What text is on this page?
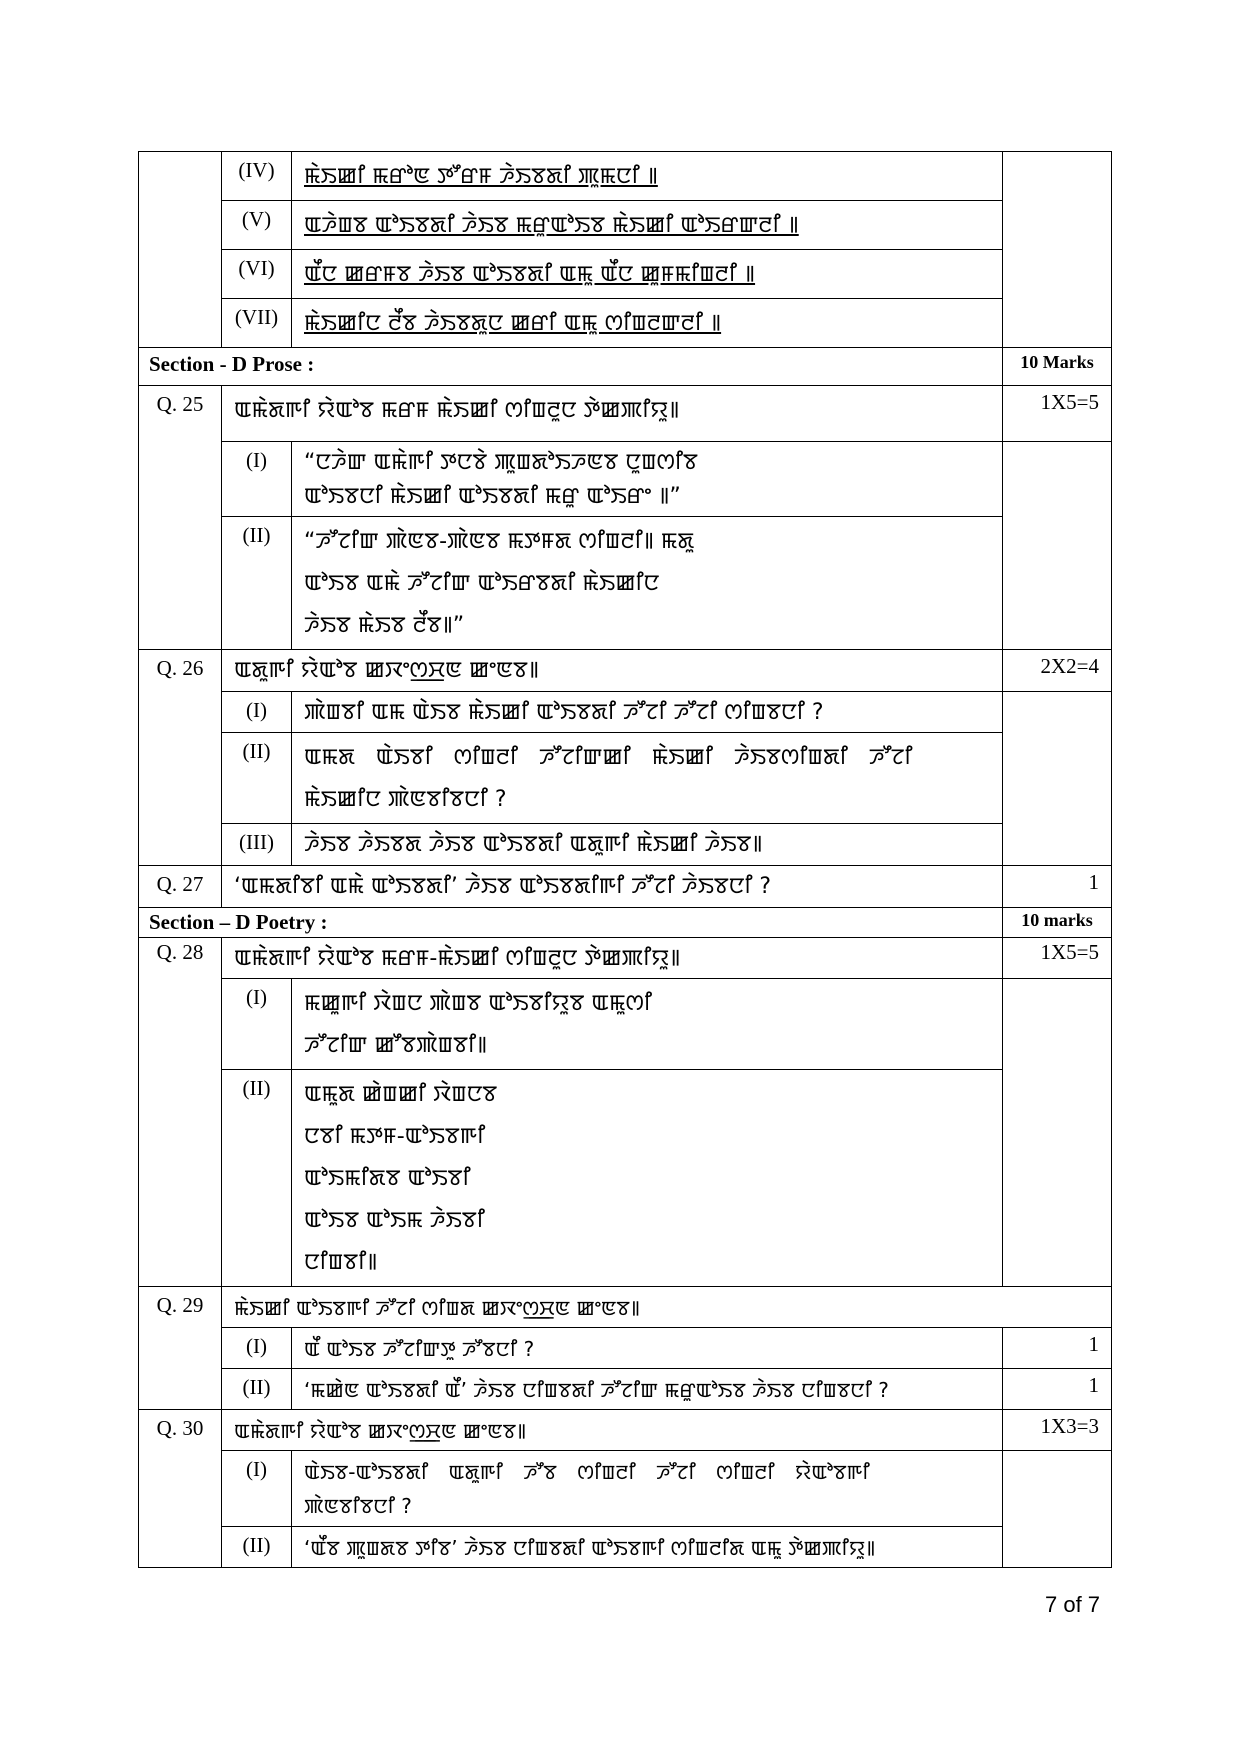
	(IV)	ꯃꯥꯏꯀꯤ ꯃꯔꯣꯟ ꯇꯧꯔꯝ ꯍꯥꯏꯕꯗꯤ ꯄꯨꯃꯅꯤ ꯫	
	(V)	ꯑꯍꯥꯡꯕ ꯑꯣꯏꯕꯗꯤ ꯍꯥꯏꯕ ꯃꯔꯨꯑꯣꯏꯕ ꯃꯥꯏꯀꯤ ꯑꯣꯏꯔꯛꯂꯤ ꯫	
	(VI)	ꯑꯩꯅ ꯀꯔꯝꯕ ꯍꯥꯏꯕ ꯑꯣꯏꯕꯗꯤ ꯑꯃꯨ ꯑꯩꯅ ꯀꯨꯝꯃꯤꯡꯂꯤ ꯫	
	(VII)	ꯃꯥꯏꯀꯤꯅ ꯂꯩꯕ ꯍꯥꯏꯕꯗꯨꯅ ꯀꯔꯤ ꯑꯃꯨ ꯁꯤꯡꯂꯛꯂꯤ ꯫	
Section - D Prose :			10 Marks
Q. 25	ꯑꯃꯥꯗꯒꯤ ꯌꯥꯑꯣꯕ ꯃꯔꯝ ꯃꯥꯏꯀꯤ ꯁꯤꯡꯂꯨꯅ ꯇꯥꯀꯄꯤꯌꯨ꯫		1X5=5
	(I)	“ꯅꯍꯥꯛ ꯑꯃꯥꯒꯤ ꯇꯅꯕꯥ ꯄꯨꯡꯗꯣꯏꯍꯟꯕ ꯅꯨꯡꯁꯤꯕ
ꯑꯣꯏꯕꯅꯤ ꯃꯥꯏꯀꯤ ꯑꯣꯏꯕꯗꯤ ꯃꯔꯨ ꯑꯣꯏꯔꯦ ꯫”	

	(II)	“ꯍꯧꯖꯤꯛ ꯄꯥꯟꯕ-ꯄꯥꯟꯕ ꯃꯇꯝꯗ ꯁꯤꯡꯂꯤ꯫ ꯃꯗꯨ
ꯑꯣꯏꯕ ꯑꯃꯥ ꯍꯧꯖꯤꯛ ꯑꯣꯏꯔꯕꯗꯤ ꯃꯥꯏꯀꯤꯅ
ꯍꯥꯏꯕ ꯃꯥꯏꯕ ꯂꯩꯕ꯫”	

Q. 26	ꯑꯗꯨꯒꯤ ꯌꯥꯑꯣꯕ ꯀꯋꯦꯁ꯭ꯆꯟ ꯀꯦꯟꯕ꯫		2X2=4
	(I)	ꯄꯥꯡꯕꯤ ꯑꯃ ꯑꯥꯏꯕ ꯃꯥꯏꯀꯤ ꯑꯣꯏꯕꯗꯤ ꯍꯧꯖꯤ ꯍꯧꯖꯤ ꯁꯤꯡꯕꯅꯤ ?	
	(II)	ꯑꯃꯗ ꯑꯥꯏꯕꯤ ꯁꯤꯡꯂꯤ ꯍꯧꯖꯤꯛꯀꯤ ꯃꯥꯏꯀꯤ ꯍꯥꯏꯕꯁꯤꯡꯗꯤ ꯍꯧꯖꯤ
ꯃꯥꯏꯀꯤꯅ ꯄꯥꯟꯕꯤꯕꯅꯤ ?	

	(III)	ꯍꯥꯏꯕ ꯍꯥꯏꯕꯗ ꯍꯥꯏꯕ ꯑꯣꯏꯕꯗꯤ ꯑꯗꯨꯒꯤ ꯃꯥꯏꯀꯤ ꯍꯥꯏꯕ꯫	
Q. 27	‘ꯑꯃꯗꯤꯕꯤ ꯑꯃꯥ ꯑꯣꯏꯕꯗꯤ’ ꯍꯥꯏꯕ ꯑꯣꯏꯕꯗꯤꯒꯤ ꯍꯧꯖꯤ ꯍꯥꯏꯕꯅꯤ ?		1
Section – D Poetry :			10 marks
Q. 28	ꯑꯃꯥꯗꯒꯤ ꯌꯥꯑꯣꯕ ꯃꯔꯝ-ꯃꯥꯏꯀꯤ ꯁꯤꯡꯂꯨꯅ ꯇꯥꯀꯄꯤꯌꯨ꯫		1X5=5
	(I)	ꯃꯀꯨꯒꯤ ꯋꯥꯡꯅ ꯄꯥꯡꯕ ꯑꯣꯏꯕꯤꯌꯨꯕ ꯑꯃꯨꯁꯤ
ꯍꯧꯖꯤꯛ ꯀꯧꯕꯄꯥꯡꯕꯤ꯫	

	(II)	ꯑꯃꯨꯗ ꯀꯥꯡꯀꯤ ꯋꯥꯡꯅꯕ
ꯅꯕꯤ ꯃꯇꯝ-ꯑꯣꯏꯕꯒꯤ
ꯑꯣꯏꯃꯤꯗꯕ ꯑꯣꯏꯕꯤ
ꯑꯣꯏꯕ ꯑꯣꯏꯃ ꯍꯥꯏꯕꯤ
ꯅꯤꯡꯕꯤ꯫	

Q. 29	ꯃꯥꯏꯀꯤ ꯑꯣꯏꯕꯒꯤ ꯍꯧꯖꯤ ꯁꯤꯡꯗ ꯀꯋꯦꯁ꯭ꯆꯟ ꯀꯦꯟꯕ꯫		
	(I)	ꯑꯩ ꯑꯣꯏꯕ ꯍꯧꯖꯤꯛꯇꯨ ꯍꯧꯕꯅꯤ ?	1
	(II)	‘ꯃꯀꯥꯟ ꯑꯣꯏꯕꯗꯤ ꯑꯩ’ ꯍꯥꯏꯕ ꯅꯤꯡꯕꯗꯤ ꯍꯧꯖꯤꯛ ꯃꯔꯨꯑꯣꯏꯕ ꯍꯥꯏꯕ ꯅꯤꯡꯕꯅꯤ ?	1
Q. 30	ꯑꯃꯥꯗꯒꯤ ꯌꯥꯑꯣꯕ ꯀꯋꯦꯁ꯭ꯆꯟ ꯀꯦꯟꯕ꯫		1X3=3
	(I)	ꯑꯥꯏꯕ-ꯑꯣꯏꯕꯗꯤ ꯑꯗꯨꯒꯤ ꯍꯧꯕ ꯁꯤꯡꯂꯤ ꯍꯧꯖꯤ ꯁꯤꯡꯂꯤ ꯌꯥꯑꯣꯕꯒꯤ
ꯄꯥꯟꯕꯤꯕꯅꯤ ?	

	(II)	‘ꯑꯩꯕ ꯄꯨꯡꯗꯕ ꯇꯤꯕ’ ꯍꯥꯏꯕ ꯅꯤꯡꯕꯗꯤ ꯑꯣꯏꯕꯒꯤ ꯁꯤꯡꯂꯤꯗ ꯑꯃꯨ ꯇꯥꯀꯄꯤꯌꯨ꯫	
7 of 7
